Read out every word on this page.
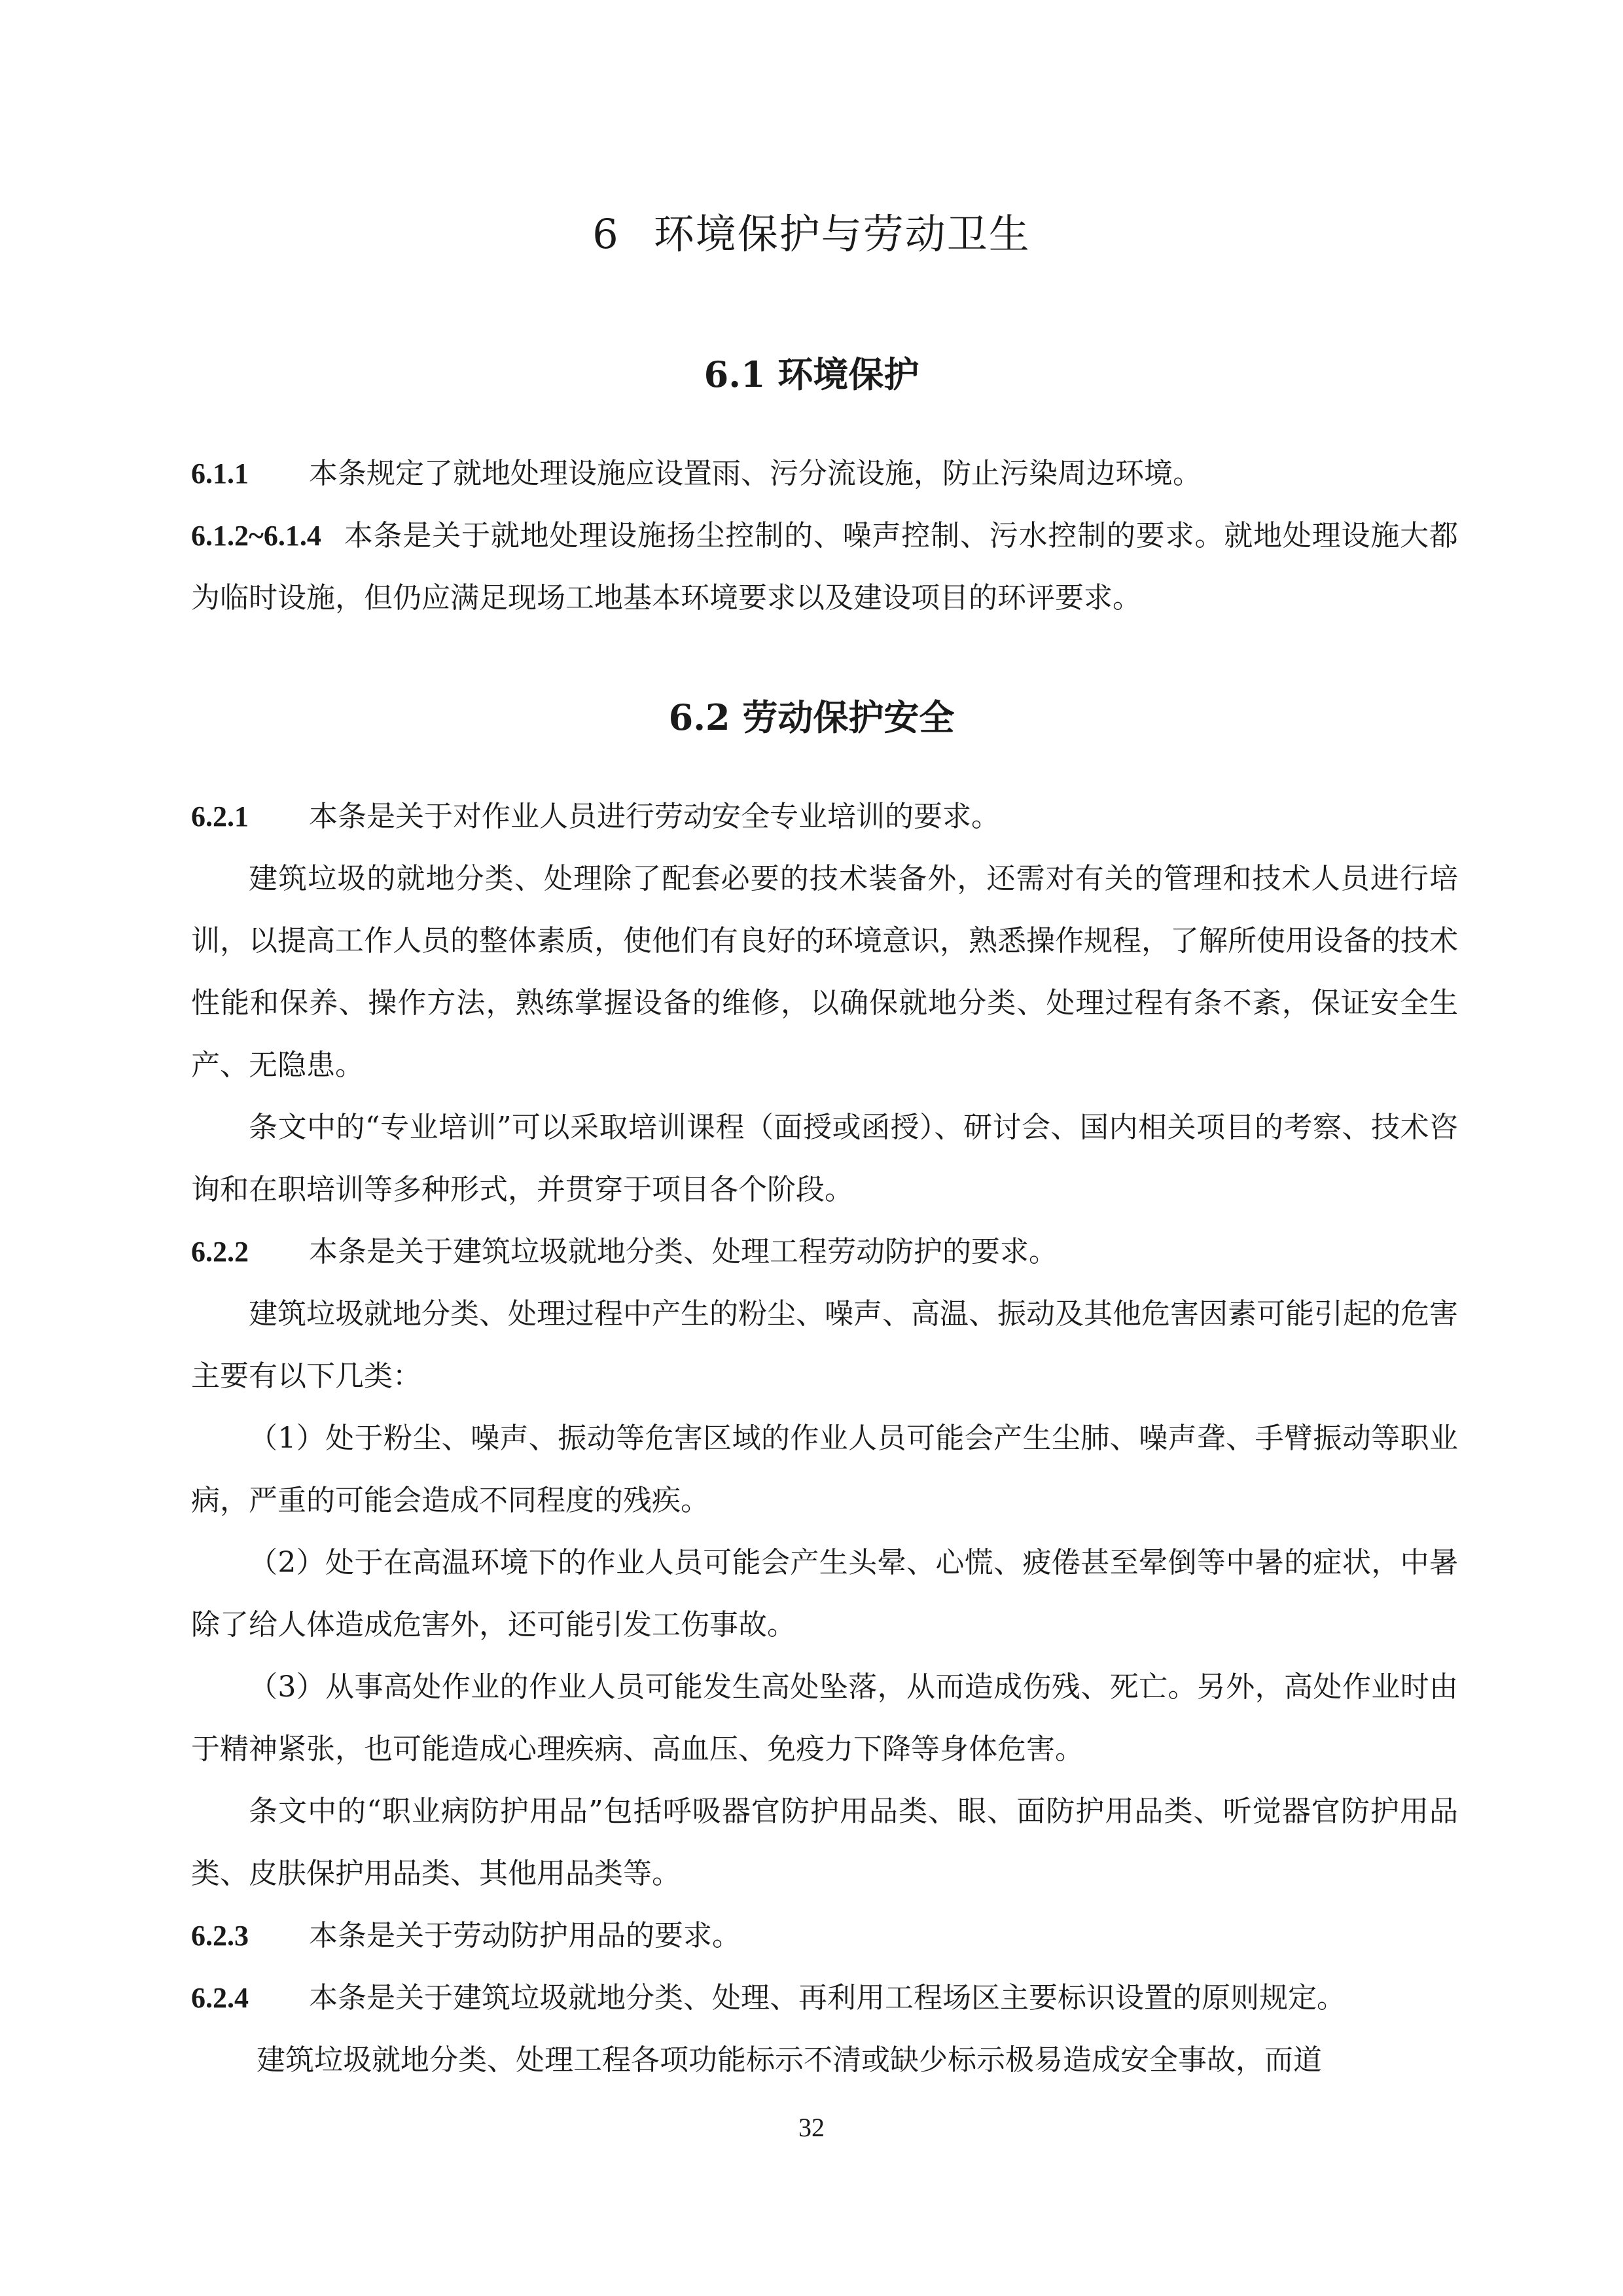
6 环境保护与劳动卫生
6.1 环境保护
6.1.1 本条规定了就地处理设施应设置雨、污分流设施，防止污染周边环境。
6.1.2~6.1.4 本条是关于就地处理设施扬尘控制的、噪声控制、污水控制的要求。就地处理设施大都为临时设施，但仍应满足现场工地基本环境要求以及建设项目的环评要求。
6.2 劳动保护安全
6.2.1 本条是关于对作业人员进行劳动安全专业培训的要求。
建筑垃圾的就地分类、处理除了配套必要的技术装备外，还需对有关的管理和技术人员进行培训，以提高工作人员的整体素质，使他们有良好的环境意识，熟悉操作规程，了解所使用设备的技术性能和保养、操作方法，熟练掌握设备的维修，以确保就地分类、处理过程有条不紊，保证安全生产、无隐患。
条文中的“专业培训”可以采取培训课程（面授或函授）、研讨会、国内相关项目的考察、技术咨询和在职培训等多种形式，并贯穿于项目各个阶段。
6.2.2 本条是关于建筑垃圾就地分类、处理工程劳动防护的要求。
建筑垃圾就地分类、处理过程中产生的粉尘、噪声、高温、振动及其他危害因素可能引起的危害主要有以下几类：
（1）处于粉尘、噪声、振动等危害区域的作业人员可能会产生尘肺、噪声聋、手臂振动等职业病，严重的可能会造成不同程度的残疾。
（2）处于在高温环境下的作业人员可能会产生头晕、心慌、疲倦甚至晕倒等中暑的症状，中暑除了给人体造成危害外，还可能引发工伤事故。
（3）从事高处作业的作业人员可能发生高处坠落，从而造成伤残、死亡。另外，高处作业时由于精神紧张，也可能造成心理疾病、高血压、免疫力下降等身体危害。
条文中的“职业病防护用品”包括呼吸器官防护用品类、眼、面防护用品类、听觉器官防护用品类、皮肤保护用品类、其他用品类等。
6.2.3 本条是关于劳动防护用品的要求。
6.2.4 本条是关于建筑垃圾就地分类、处理、再利用工程场区主要标识设置的原则规定。
建筑垃圾就地分类、处理工程各项功能标示不清或缺少标示极易造成安全事故，而道
32
